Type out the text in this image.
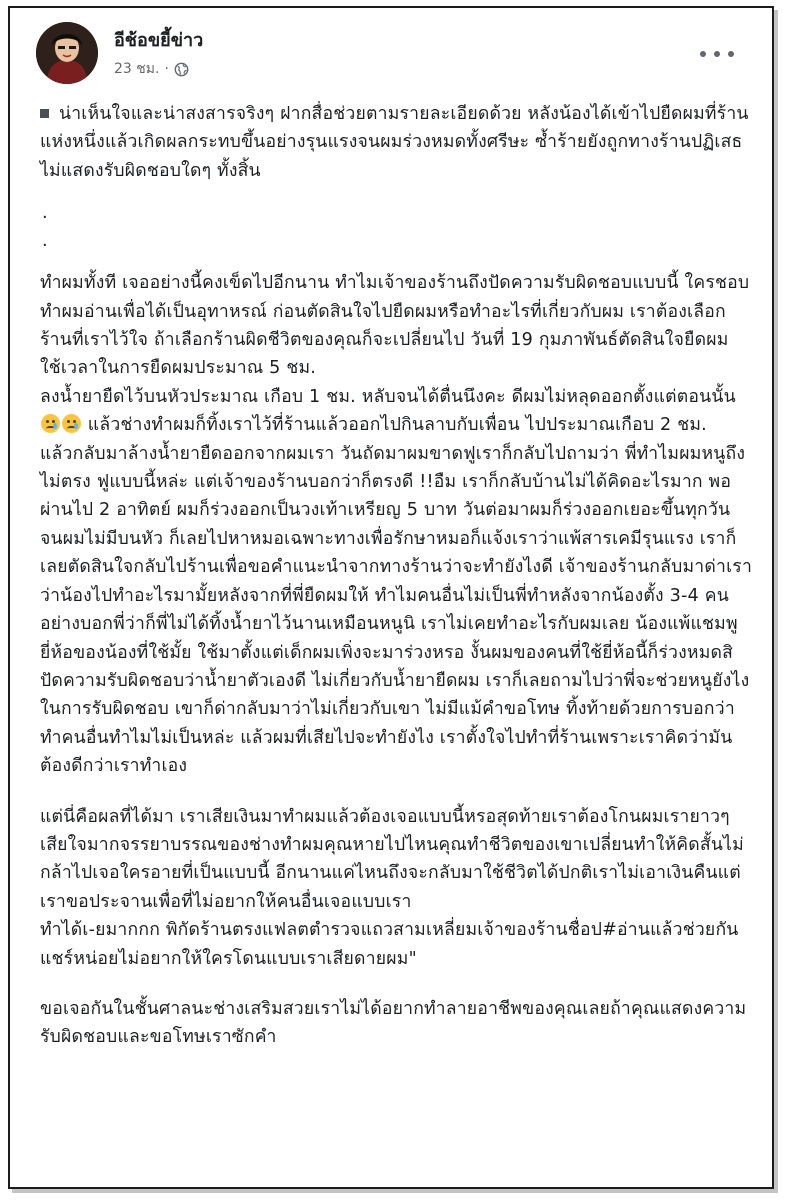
อีช้อขยี้ข่าว
23 ชม. ·

น่าเห็นใจและน่าสงสารจริงๆ ฝากสื่อช่วยตามรายละเอียดด้วย หลังน้องได้เข้าไปยืดผมที่ร้านแห่งหนึ่งแล้วเกิดผลกระทบขึ้นอย่างรุนแรงจนผมร่วงหมดทั้งศรีษะ ซ้ำร้ายยังถูกทางร้านปฏิเสธไม่แสดงรับผิดชอบใดๆ ทั้งสิ้น

.
.

ทำผมทั้งที เจออย่างนี้คงเข็ดไปอีกนาน ทำไมเจ้าของร้านถึงปัดความรับผิดชอบแบบนี้ ใครชอบทำผมอ่านเพื่อได้เป็นอุทาหรณ์ ก่อนตัดสินใจไปยืดผมหรือทำอะไรที่เกี่ยวกับผม เราต้องเลือกร้านที่เราไว้ใจ ถ้าเลือกร้านผิดชีวิตของคุณก็จะเปลี่ยนไป วันที่ 19 กุมภาพันธ์ตัดสินใจยืดผม ใช้เวลาในการยืดผมประมาณ 5 ชม.

ลงน้ำยายืดไว้บนหัวประมาณ เกือบ 1 ชม. หลับจนได้ตื่นนึงคะ ดีผมไม่หลุดออกตั้งแต่ตอนนั้น
แล้วช่างทำผมก็ทิ้งเราไว้ที่ร้านแล้วออกไปกินลาบกับเพื่อน ไปประมาณเกือบ 2 ชม. แล้วกลับมาล้างน้ำยายืดออกจากผมเรา วันถัดมาผมขาดฟูเราก็กลับไปถามว่า พี่ทำไมผมหนูถึงไม่ตรง ฟูแบบนี้หล่ะ แต่เจ้าของร้านบอกว่าก็ตรงดี !!อืม เราก็กลับบ้านไม่ได้คิดอะไรมาก พอผ่านไป 2 อาทิตย์ ผมก็ร่วงออกเป็นวงเท้าเหรียญ 5 บาท วันต่อมาผมก็ร่วงออกเยอะขึ้นทุกวัน จนผมไม่มีบนหัว ก็เลยไปหาหมอเฉพาะทางเพื่อรักษาหมอก็แจ้งเราว่าแพ้สารเคมีรุนแรง เราก็เลยตัดสินใจกลับไปร้านเพื่อขอคำแนะนำจากทางร้านว่าจะทำยังไงดี เจ้าของร้านกลับมาด่าเราว่าน้องไปทำอะไรมามั้ยหลังจากที่พี่ยืดผมให้ ทำไมคนอื่นไม่เป็นพี่ทำหลังจากน้องตั้ง 3-4 คน อย่างบอกพี่ว่าก็พี่ไม่ได้ทิ้งน้ำยาไว้นานเหมือนหนูนิ เราไม่เคยทำอะไรกับผมเลย น้องแพ้แชมพูยี่ห้อของน้องที่ใช้มั้ย ใช้มาตั้งแต่เด็กผมเพิ่งจะมาร่วงหรอ งั้นผมของคนที่ใช้ยี่ห้อนี้ก็ร่วงหมดสิ ปัดความรับผิดชอบว่าน้ำยาตัวเองดี ไม่เกี่ยวกับน้ำยายืดผม เราก็เลยถามไปว่าพี่จะช่วยหนูยังไงในการรับผิดชอบ เขาก็ด่ากลับมาว่าไม่เกี่ยวกับเขา ไม่มีแม้คำขอโทษ ทิ้งท้ายด้วยการบอกว่าทำคนอื่นทำไมไม่เป็นหล่ะ แล้วผมที่เสียไปจะทำยังไง เราตั้งใจไปทำที่ร้านเพราะเราคิดว่ามันต้องดีกว่าเราทำเอง

แต่นี่คือผลที่ได้มา เราเสียเงินมาทำผมแล้วต้องเจอแบบนี้หรอสุดท้ายเราต้องโกนผมเรายาวๆ เสียใจมากจรรยาบรรณของช่างทำผมคุณหายไปไหนคุณทำชีวิตของเขาเปลี่ยนทำให้คิดสั้นไม่กล้าไปเจอใครอายที่เป็นแบบนี้ อีกนานแค่ไหนถึงจะกลับมาใช้ชีวิตได้ปกติเราไม่เอาเงินคืนแต่เราขอประจานเพื่อที่ไม่อยากให้คนอื่นเจอแบบเรา

ทำได้เ-ยมากกก พิกัดร้านตรงแฟลตตำรวจแถวสามเหลี่ยมเจ้าของร้านชื่อป#อ่านแล้วช่วยกันแชร์หน่อยไม่อยากให้ใครโดนแบบเราเสียดายผม"

ขอเจอกันในชั้นศาลนะช่างเสริมสวยเราไม่ได้อยากทำลายอาชีพของคุณเลยถ้าคุณแสดงความรับผิดชอบและขอโทษเราซักคำ
